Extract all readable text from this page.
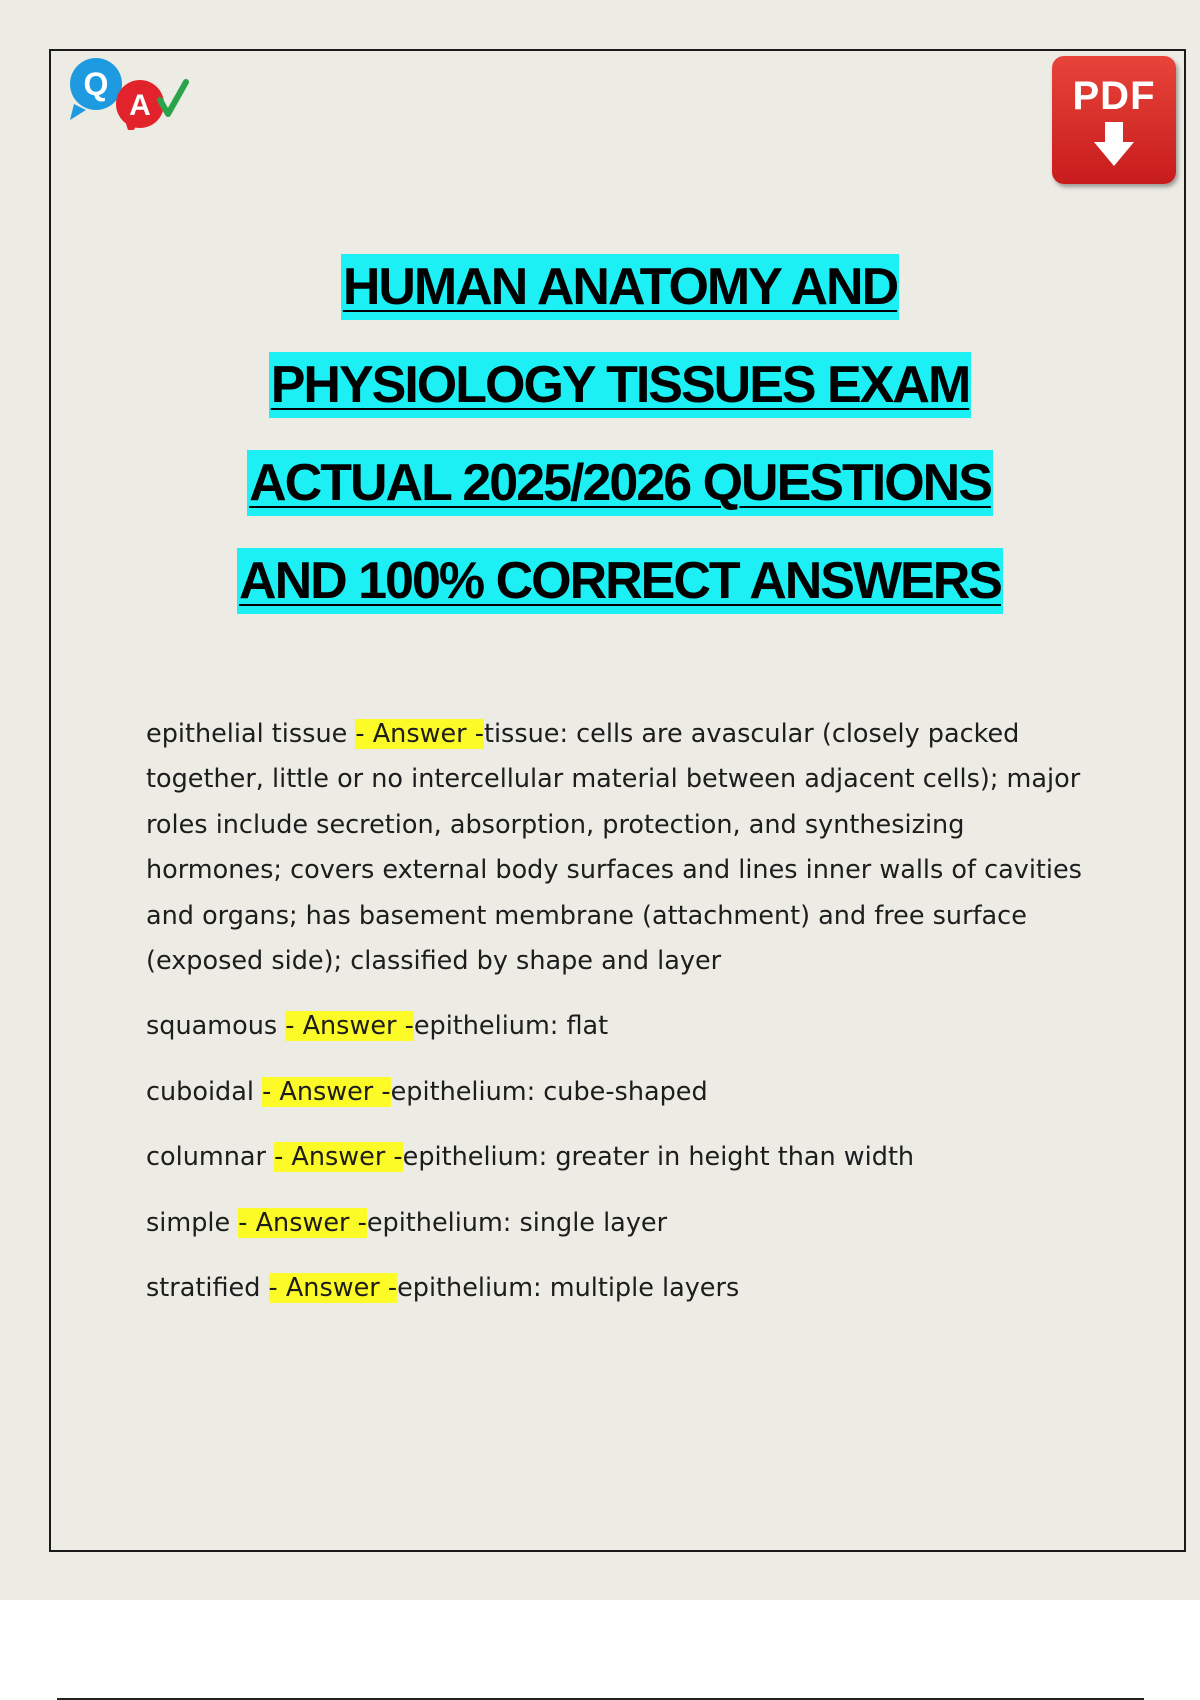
Q
A	PDF

HUMAN ANATOMY AND

PHYSIOLOGY TISSUES EXAM

ACTUAL 2025/2026 QUESTIONS

AND 100% CORRECT ANSWERS

epithelial tissue - Answer -tissue: cells are avascular (closely packed together, little or no intercellular material between adjacent cells); major roles include secretion, absorption, protection, and synthesizing hormones; covers external body surfaces and lines inner walls of cavities and organs; has basement membrane (attachment) and free surface (exposed side); classified by shape and layer

squamous - Answer -epithelium: flat

cuboidal - Answer -epithelium: cube-shaped

columnar - Answer -epithelium: greater in height than width

simple - Answer -epithelium: single layer

stratified - Answer -epithelium: multiple layers
